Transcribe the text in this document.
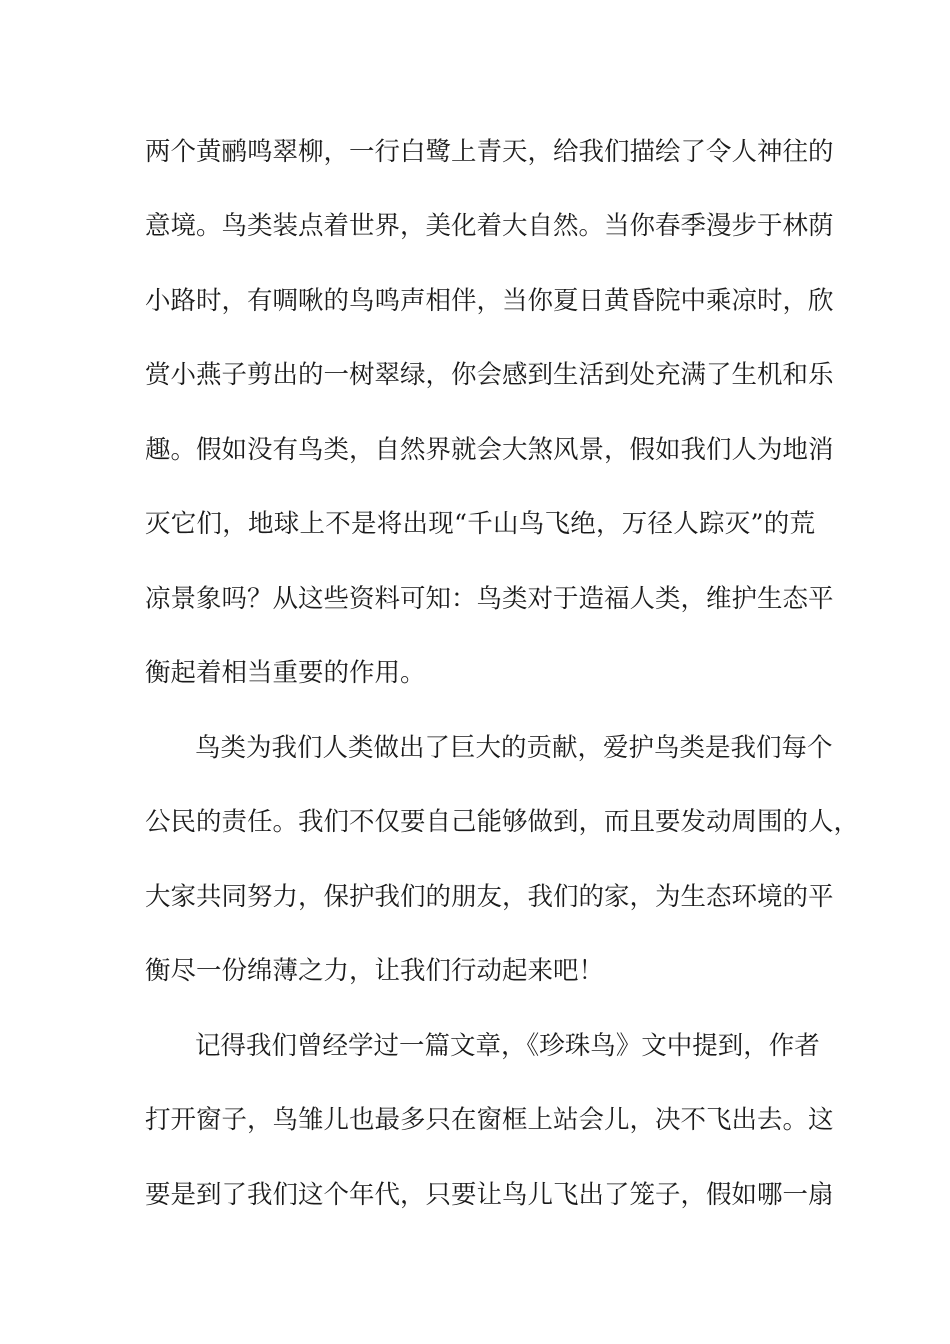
两个黄鹂鸣翠柳，一行白鹭上青天，给我们描绘了令人神往的
意境。鸟类装点着世界，美化着大自然。当你春季漫步于林荫
小路时，有啁啾的鸟鸣声相伴，当你夏日黄昏院中乘凉时，欣
赏小燕子剪出的一树翠绿，你会感到生活到处充满了生机和乐
趣。假如没有鸟类，自然界就会大煞风景，假如我们人为地消
灭它们，地球上不是将出现“千山鸟飞绝，万径人踪灭”的荒
凉景象吗？从这些资料可知：鸟类对于造福人类，维护生态平
衡起着相当重要的作用。
鸟类为我们人类做出了巨大的贡献，爱护鸟类是我们每个
公民的责任。我们不仅要自己能够做到，而且要发动周围的人，
大家共同努力，保护我们的朋友，我们的家，为生态环境的平
衡尽一份绵薄之力，让我们行动起来吧！
记得我们曾经学过一篇文章，《珍珠鸟》文中提到，作者
打开窗子，鸟雏儿也最多只在窗框上站会儿，决不飞出去。这
要是到了我们这个年代，只要让鸟儿飞出了笼子，假如哪一扇
